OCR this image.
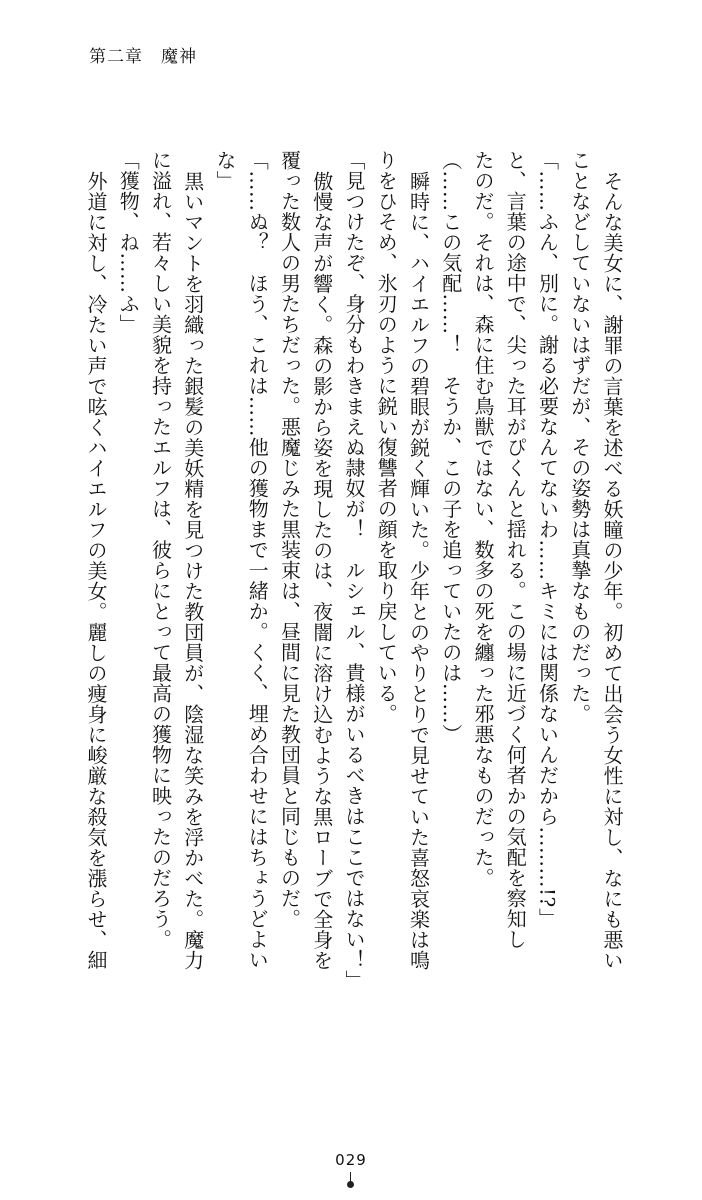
第二章　魔神
そんな美女に、謝罪の言葉を述べる妖瞳の少年。初めて出会う女性に対し、なにも悪い
ことなどしていないはずだが、その姿勢は真摯なものだった。
「……ふん、別に。謝る必要なんてないわ……キミには関係ないんだから………!?」
と、言葉の途中で、尖った耳がぴくんと揺れる。この場に近づく何者かの気配を察知し
たのだ。それは、森に住む鳥獣ではない、数多の死を纏った邪悪なものだった。
（……この気配……！　そうか、この子を追っていたのは……）
瞬時に、ハイエルフの碧眼が鋭く輝いた。少年とのやりとりで見せていた喜怒哀楽は鳴
りをひそめ、氷刃のように鋭い復讐者の顔を取り戻している。
「見つけたぞ、身分もわきまえぬ隷奴が！　ルシェル、貴様がいるべきはここではない！」
傲慢な声が響く。森の影から姿を現したのは、夜闇に溶け込むような黒ローブで全身を
覆った数人の男たちだった。悪魔じみた黒装束は、昼間に見た教団員と同じものだ。
「……ぬ？　ほう、これは……他の獲物まで一緒か。くく、埋め合わせにはちょうどよい
な」
黒いマントを羽織った銀髪の美妖精を見つけた教団員が、陰湿な笑みを浮かべた。魔力
に溢れ、若々しい美貌を持ったエルフは、彼らにとって最高の獲物に映ったのだろう。
「獲物、ね……ふ」
外道に対し、冷たい声で呟くハイエルフの美女。麗しの痩身に峻厳な殺気を漲らせ、細
029
